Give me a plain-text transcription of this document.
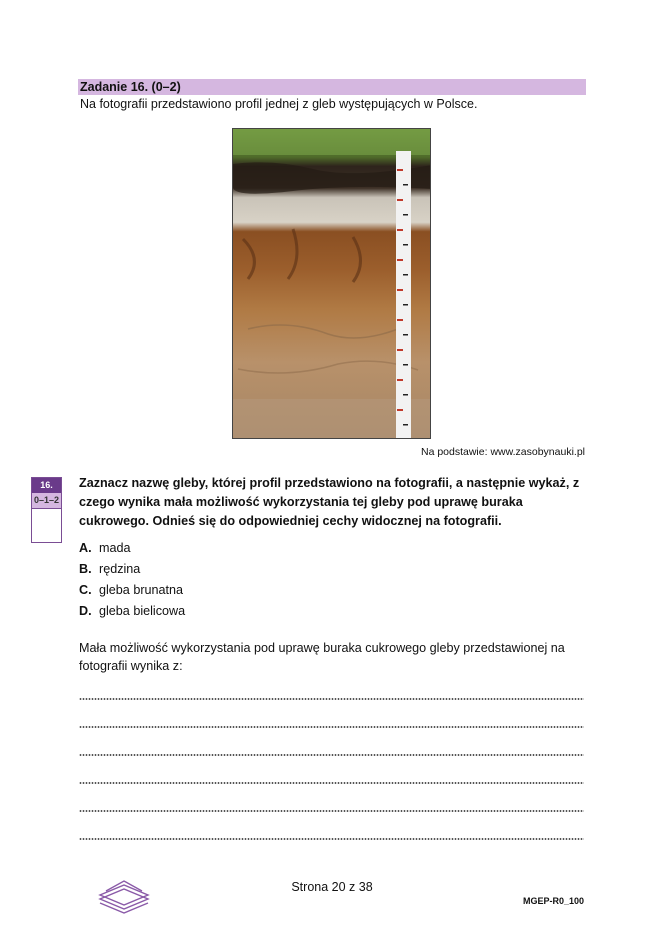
Zadanie 16. (0–2)
Na fotografii przedstawiono profil jednej z gleb występujących w Polsce.
Na podstawie: www.zasobynauki.pl
16.
0–1–2
Zaznacz nazwę gleby, której profil przedstawiono na fotografii, a następnie wykaż, z czego wynika mała możliwość wykorzystania tej gleby pod uprawę buraka cukrowego. Odnieś się do odpowiedniej cechy widocznej na fotografii.
A. mada
B. rędzina
C. gleba brunatna
D. gleba bielicowa
Mała możliwość wykorzystania pod uprawę buraka cukrowego gleby przedstawionej na fotografii wynika z:
Strona 20 z 38
MGEP-R0_100
